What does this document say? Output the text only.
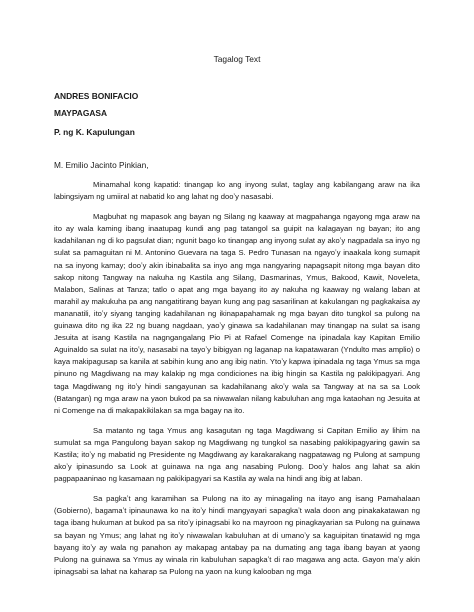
Tagalog Text
ANDRES BONIFACIO
MAYPAGASA
P. ng K. Kapulungan
M. Emilio Jacinto Pinkian,

Minamahal kong kapatid: tinangap ko ang inyong sulat, taglay ang kabilangang araw na ika labingsiyam ng umiiral at nabatid ko ang lahat ng dooʼy nasasabi.

Magbuhat ng mapasok ang bayan ng Silang ng kaaway at magpahanga ngayong mga araw na ito ay wala kaming ibang inaatupag kundi ang pag tatangol sa guipit na kalagayan ng bayan; ito ang kadahilanan ng di ko pagsulat dian; ngunit bago ko tinangap ang inyong sulat ay akoʼy nagpadala sa inyo ng sulat sa pamaguitan ni M. Antonino Guevara na taga S. Pedro Tunasan na ngayoʼy inaakala kong sumapit na sa inyong kamay; dooʼy akin ibinabalita sa inyo ang mga nangyaring napagsapit nitong mga bayan dito sakop nitong Tangway na nakuha ng Kastila ang Silang, Dasmarinas, Ymus, Bakood, Kawit, Noveleta, Malabon, Salinas at Tanza; tatlo o apat ang mga bayang ito ay nakuha ng kaaway ng walang laban at marahil ay makukuha pa ang nangatitirang bayan kung ang pag sasarilinan at kakulangan ng pagkakaisa ay mananatili, itoʼy siyang tanging kadahilanan ng ikinapapahamak ng mga bayan dito tungkol sa pulong na guinawa dito ng ika 22 ng buang nagdaan, yaoʼy ginawa sa kadahilanan may tinangap na sulat sa isang Jesuita at isang Kastila na nagngangalang Pio Pi at Rafael Comenge na ipinadala kay Kapitan Emilio Aguinaldo sa sulat na itoʼy, nasasabi na tayoʼy bibigyan ng laganap na kapatawaran (Yndulto mas amplio) o kaya makipagusap sa kanila at sabihin kung ano ang ibig natin. Ytoʼy kapwa ipinadala ng taga Ymus sa mga pinuno ng Magdiwang na may kalakip ng mga condiciones na ibig hingin sa Kastila ng pakikipagyari. Ang taga Magdiwang ng itoʼy hindi sangayunan sa kadahilanang akoʼy wala sa Tangway at na sa sa Look (Batangan) ng mga araw na yaon bukod pa sa niwawalan nilang kabuluhan ang mga kataohan ng Jesuita at ni Comenge na di makapakikilakan sa mga bagay na ito.

Sa matanto ng taga Ymus ang kasagutan ng taga Magdiwang si Capitan Emilio ay lihim na sumulat sa mga Pangulong bayan sakop ng Magdiwang ng tungkol sa nasabing pakikipagyaring gawin sa Kastila; itoʼy ng mabatid ng Presidente ng Magdiwang ay karakarakang nagpatawag ng Pulong at sampung akoʼy ipinasundo sa Look at guinawa na nga ang nasabing Pulong. Dooʼy halos ang lahat sa akin pagpapaaninao ng kasamaan ng pakikipagyari sa Kastila ay wala na hindi ang ibig at laban.

Sa pagkaʼt ang karamihan sa Pulong na ito ay minagaling na itayo ang isang Pamahalaan (Gobierno), bagamaʼt ipinaunawa ko na itoʼy hindi mangyayari sapagkaʼt wala doon ang pinakakatawan ng taga ibang hukuman at bukod pa sa ritoʼy ipinagsabi ko na mayroon ng pinagkayarian sa Pulong na guinawa sa bayan ng Ymus; ang lahat ng itoʼy niwawalan kabuluhan at di umanoʼy sa kaguipitan tinatawid ng mga bayang itoʼy ay wala ng panahon ay makapag antabay pa na dumating ang taga ibang bayan at yaong Pulong na guinawa sa Ymus ay winala rin kabuluhan sapagkaʼt di rao magawa ang acta. Gayon maʼy akin ipinagsabi sa lahat na kaharap sa Pulong na yaon na kung kalooban ng mga
